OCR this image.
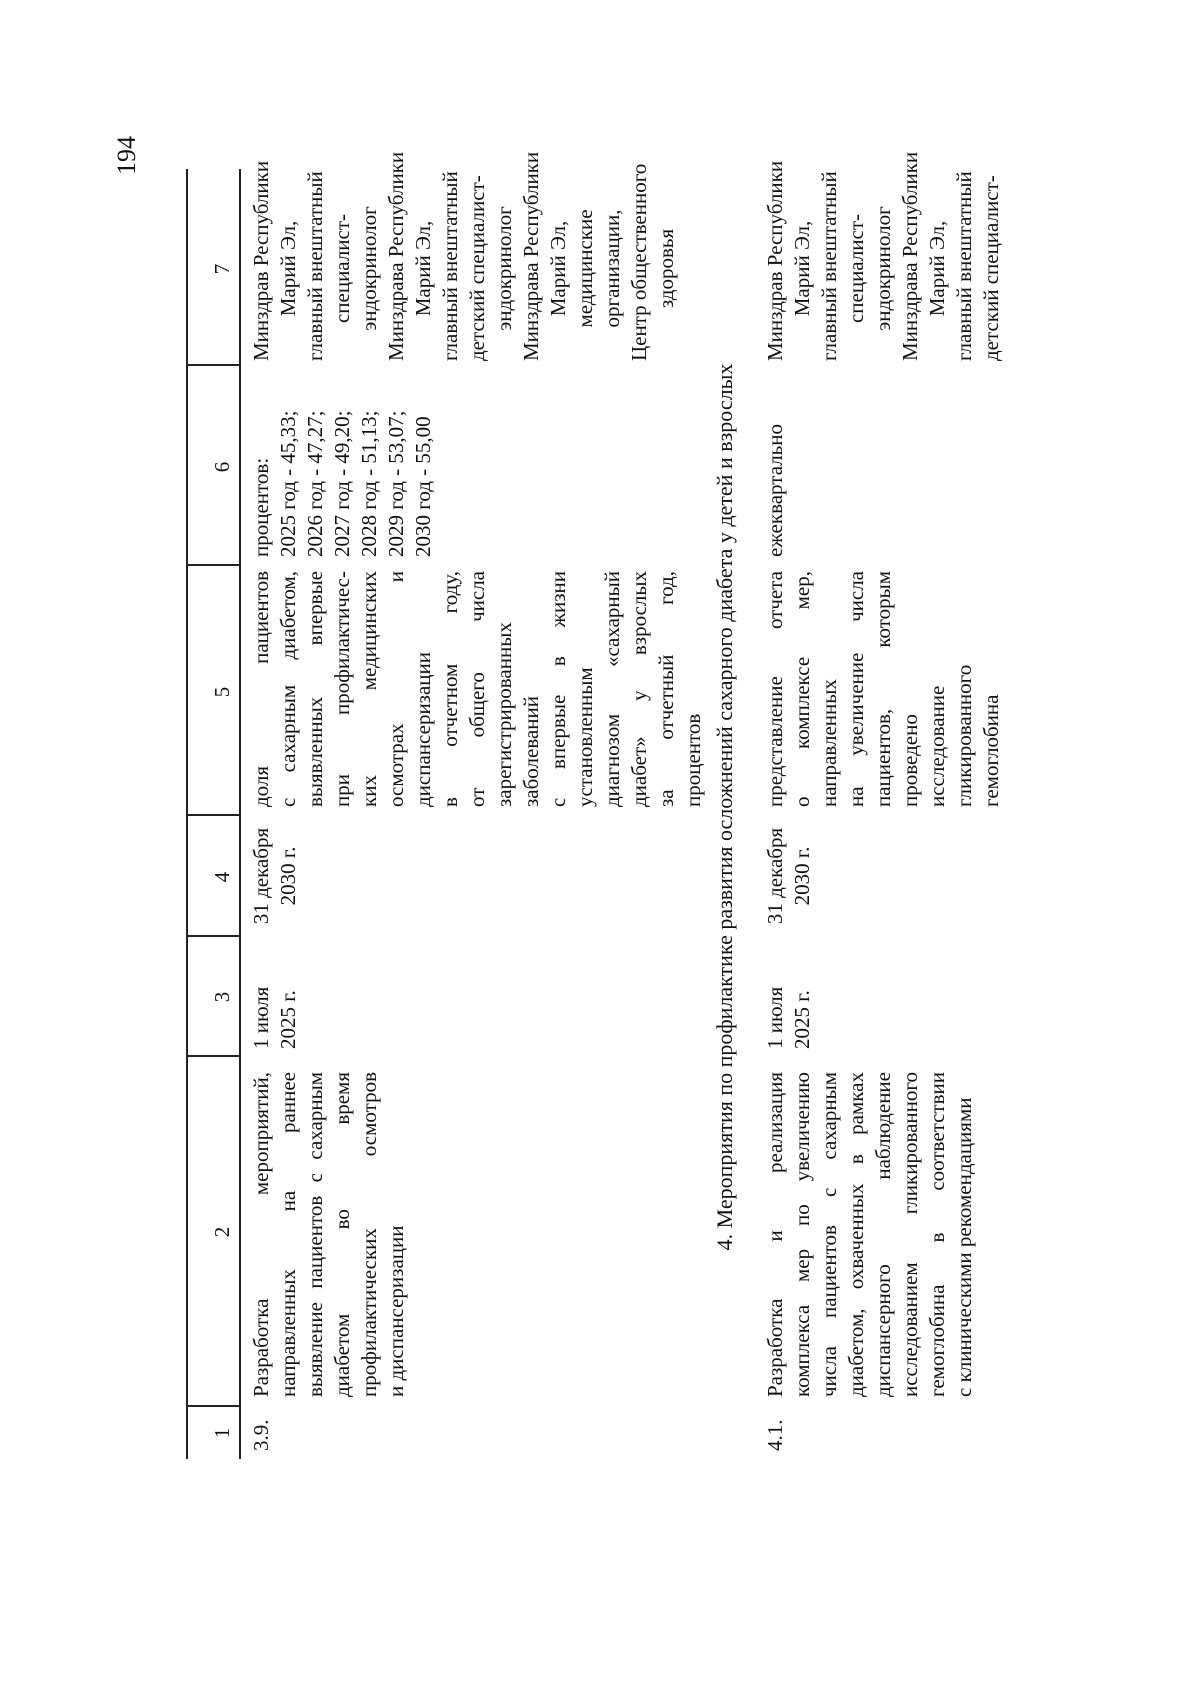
194
1
2
3
4
5
6
7
3.9.
Разработка мероприятий, направленных на раннее выявление пациентов с сахарным диабетом во время профилактических осмотров и диспансеризации
1 июля 2025 г.
31 декабря 2030 г.
доля пациентов с сахарным диабетом, выявленных впервые при профилактичес- ких медицинских осмотрах и диспансеризации в отчетном году, от общего числа зарегистрированных заболеваний с впервые в жизни установленным диагнозом «сахарный диабет» у взрослых за отчетный год, процентов
процентов: 2025 год - 45,33; 2026 год - 47,27; 2027 год - 49,20; 2028 год - 51,13; 2029 год - 53,07; 2030 год - 55,00
Минздрав Республики Марий Эл, главный внештатный специалист- эндокринолог Минздрава Республики Марий Эл, главный внештатный детский специалист- эндокринолог Минздрава Республики Марий Эл, медицинские организации, Центр общественного здоровья
4. Мероприятия по профилактике развития осложнений сахарного диабета у детей и взрослых
4.1.
Разработка и реализация комплекса мер по увеличению числа пациентов с сахарным диабетом, охваченных в рамках диспансерного наблюдение исследованием гликированного гемоглобина в соответствии с клиническими рекомендациями
1 июля 2025 г.
31 декабря 2030 г.
представление отчета о комплексе мер, направленных на увеличение числа пациентов, которым проведено исследование гликированного гемоглобина
ежеквартально
Минздрав Республики Марий Эл, главный внештатный специалист- эндокринолог Минздрава Республики Марий Эл, главный внештатный детский специалист-
